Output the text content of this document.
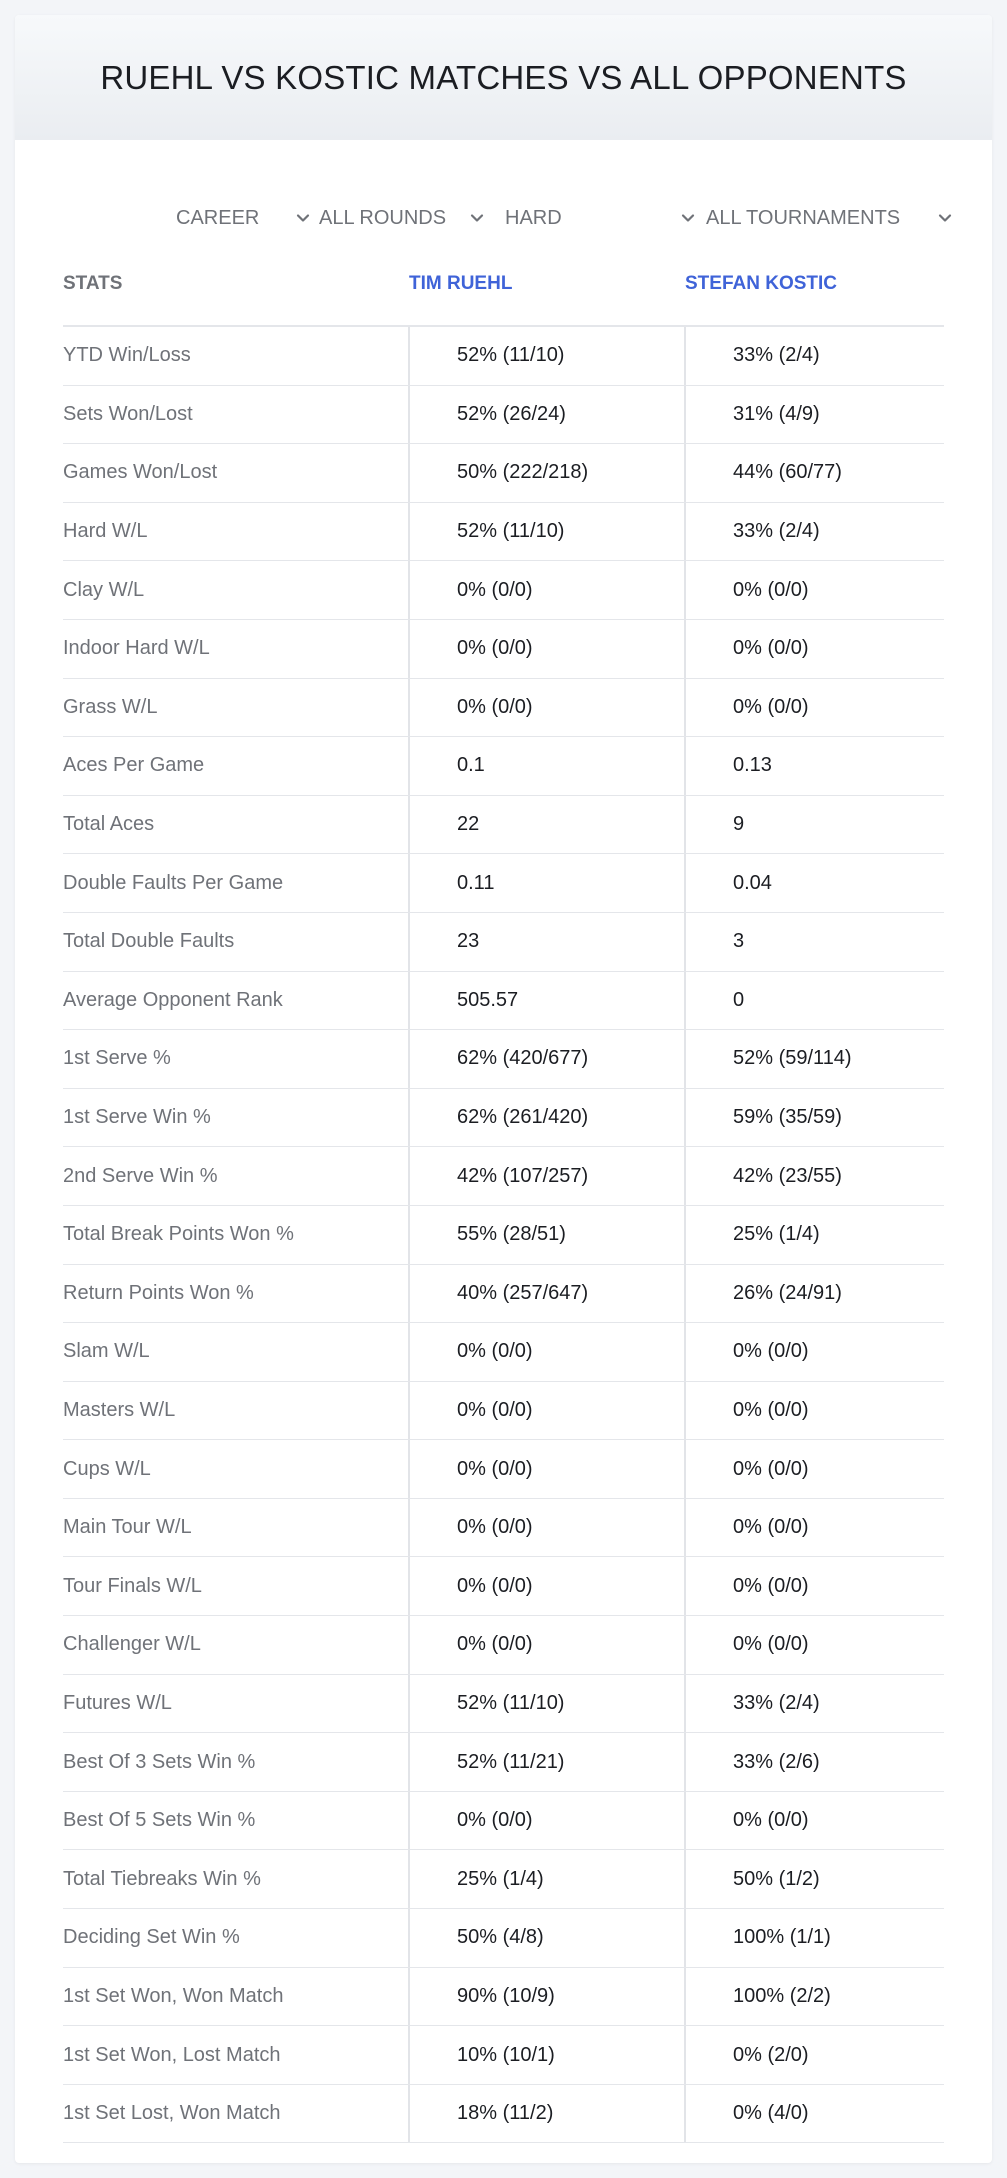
RUEHL VS KOSTIC MATCHES VS ALL OPPONENTS
CAREER	ALL ROUNDS	HARD	ALL TOURNAMENTS
STATS	TIM RUEHL	STEFAN KOSTIC
YTD Win/Loss	52% (11/10)	33% (2/4)
Sets Won/Lost	52% (26/24)	31% (4/9)
Games Won/Lost	50% (222/218)	44% (60/77)
Hard W/L	52% (11/10)	33% (2/4)
Clay W/L	0% (0/0)	0% (0/0)
Indoor Hard W/L	0% (0/0)	0% (0/0)
Grass W/L	0% (0/0)	0% (0/0)
Aces Per Game	0.1	0.13
Total Aces	22	9
Double Faults Per Game	0.11	0.04
Total Double Faults	23	3
Average Opponent Rank	505.57	0
1st Serve %	62% (420/677)	52% (59/114)
1st Serve Win %	62% (261/420)	59% (35/59)
2nd Serve Win %	42% (107/257)	42% (23/55)
Total Break Points Won %	55% (28/51)	25% (1/4)
Return Points Won %	40% (257/647)	26% (24/91)
Slam W/L	0% (0/0)	0% (0/0)
Masters W/L	0% (0/0)	0% (0/0)
Cups W/L	0% (0/0)	0% (0/0)
Main Tour W/L	0% (0/0)	0% (0/0)
Tour Finals W/L	0% (0/0)	0% (0/0)
Challenger W/L	0% (0/0)	0% (0/0)
Futures W/L	52% (11/10)	33% (2/4)
Best Of 3 Sets Win %	52% (11/21)	33% (2/6)
Best Of 5 Sets Win %	0% (0/0)	0% (0/0)
Total Tiebreaks Win %	25% (1/4)	50% (1/2)
Deciding Set Win %	50% (4/8)	100% (1/1)
1st Set Won, Won Match	90% (10/9)	100% (2/2)
1st Set Won, Lost Match	10% (10/1)	0% (2/0)
1st Set Lost, Won Match	18% (11/2)	0% (4/0)
